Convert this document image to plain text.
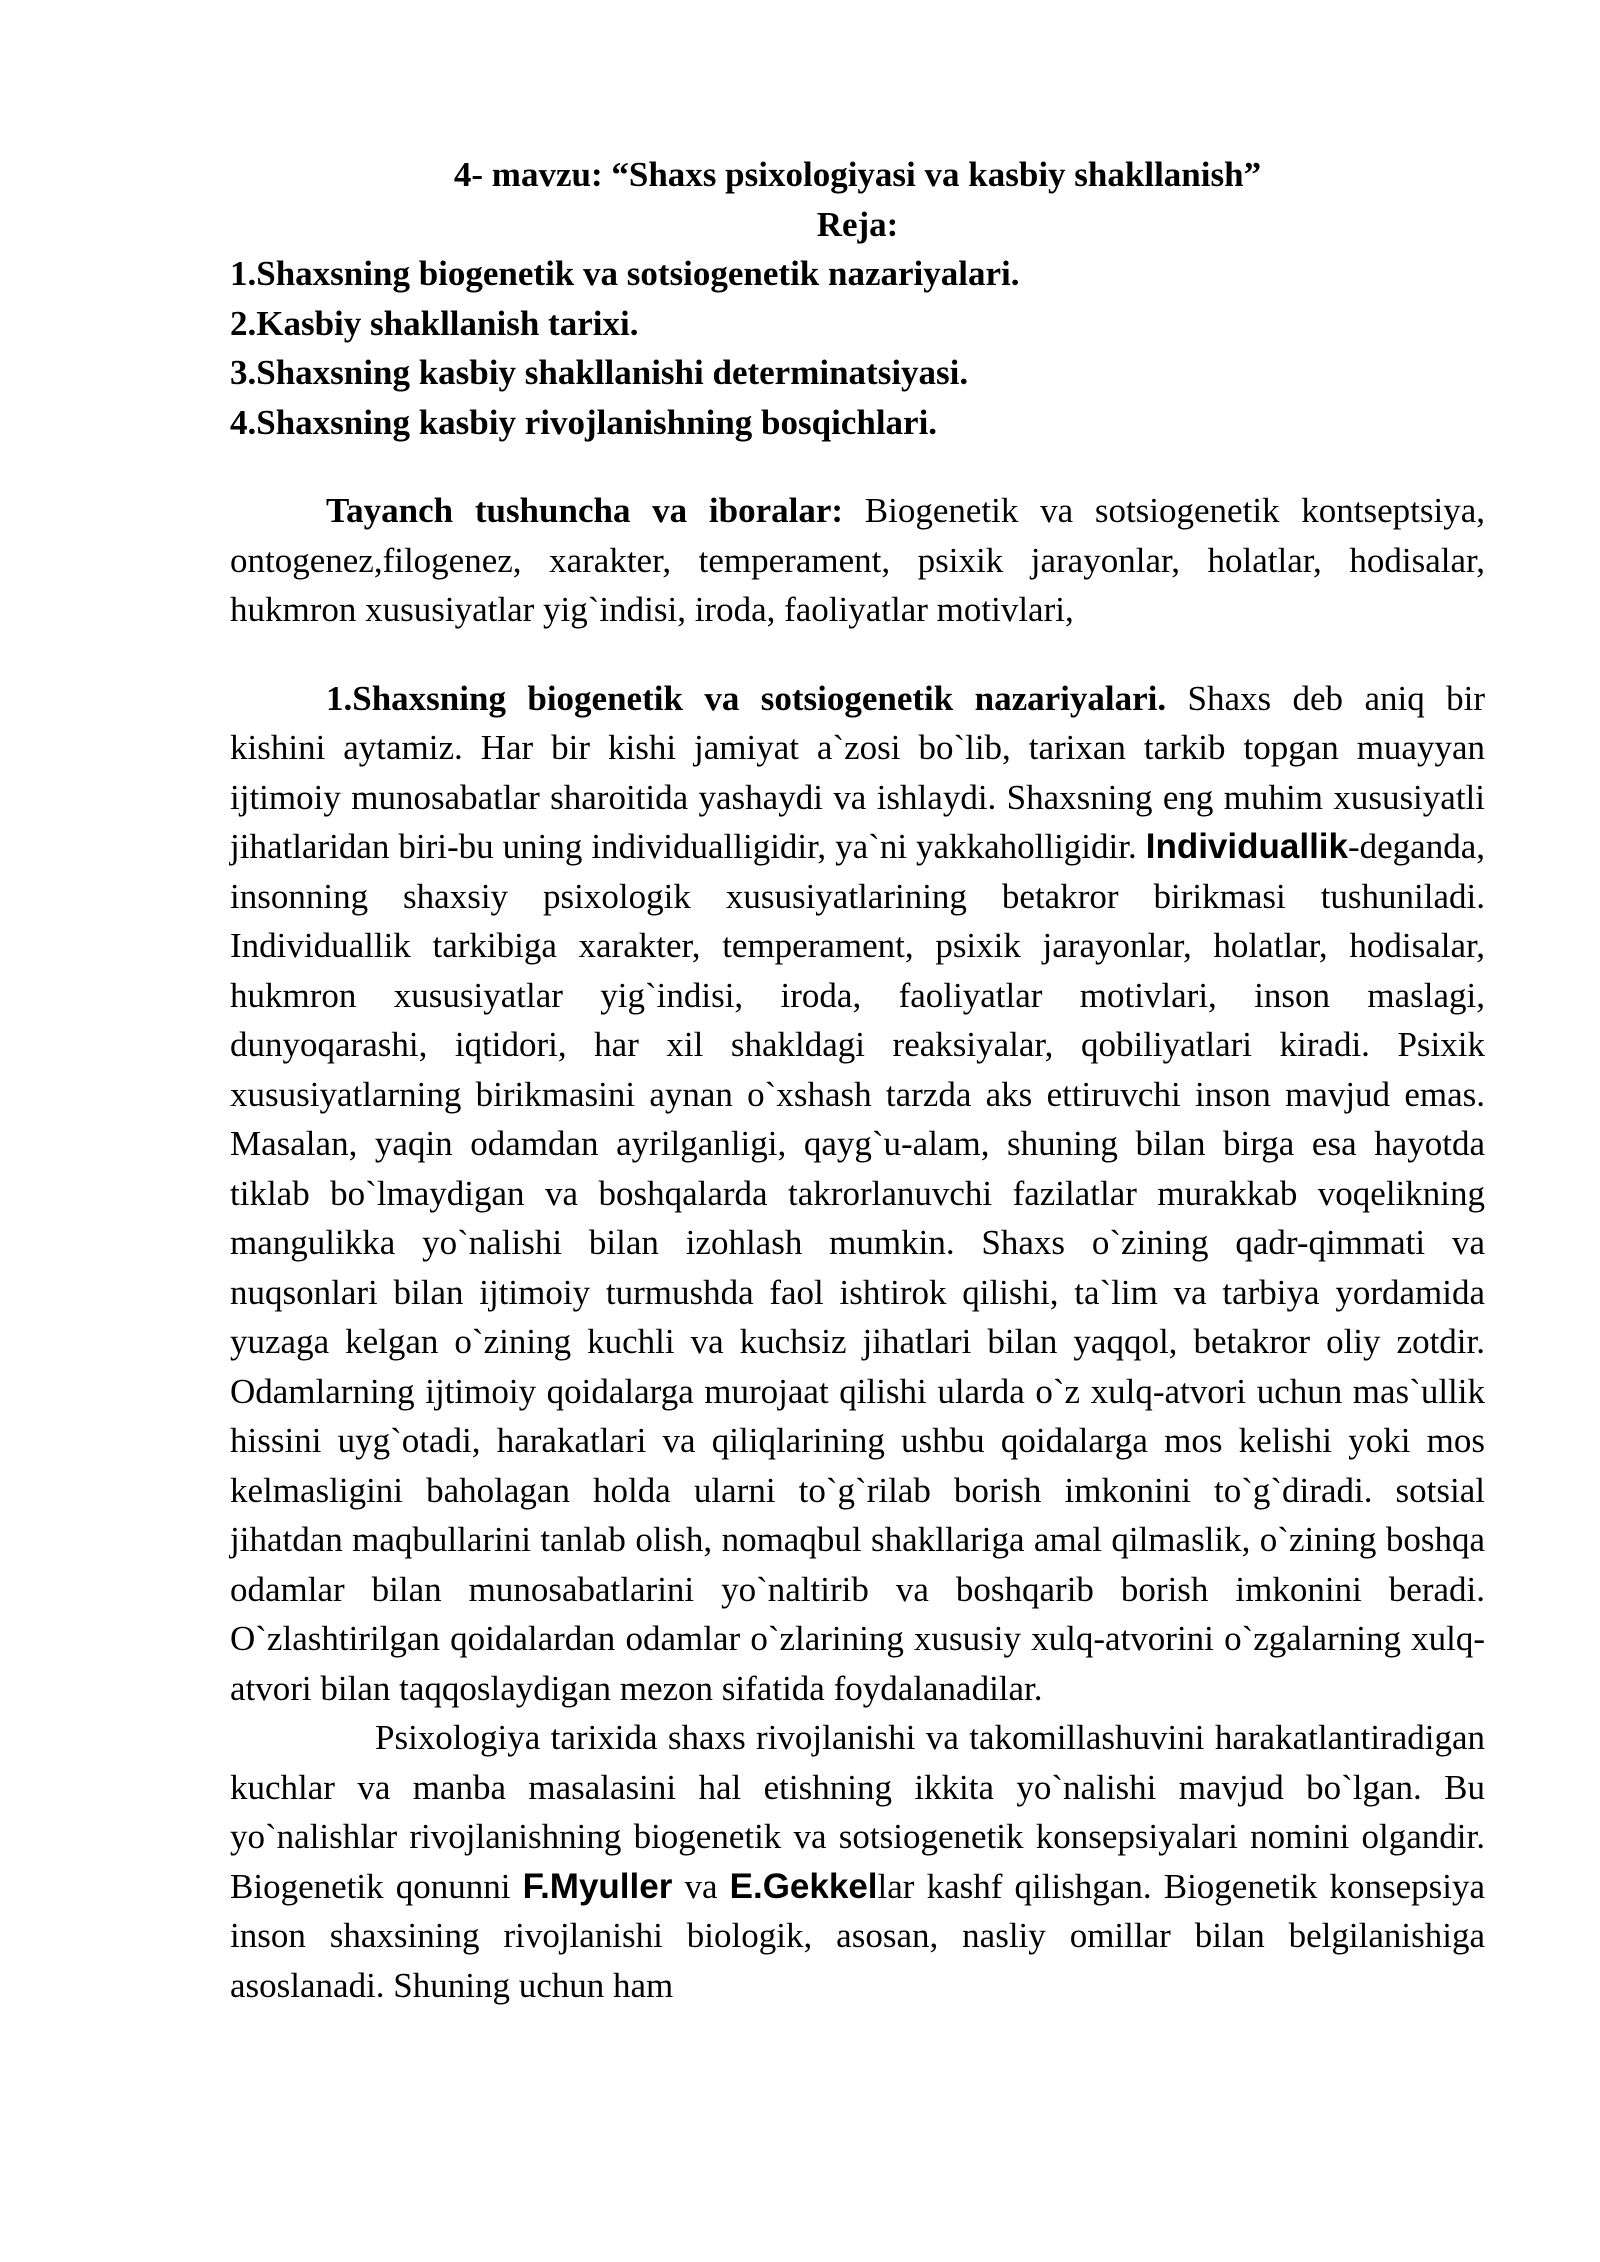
4- mavzu: “Shaxs psixologiyasi va kasbiy shakllanish”

Reja:

1.Shaxsning biogenetik va sotsiogenetik nazariyalari.
2.Kasbiy shakllanish tarixi.
3.Shaxsning kasbiy shakllanishi determinatsiyasi.
4.Shaxsning kasbiy rivojlanishning bosqichlari.

Tayanch tushuncha va iboralar: Biogenetik va sotsiogenetik kontseptsiya, ontogenez,filogenez, xarakter, temperament, psixik jarayonlar, holatlar, hodisalar, hukmron xususiyatlar yig`indisi, iroda, faoliyatlar motivlari,

1.Shaxsning biogenetik va sotsiogenetik nazariyalari. Shaxs deb aniq bir kishini aytamiz. Har bir kishi jamiyat a`zosi bo`lib, tarixan tarkib topgan muayyan ijtimoiy munosabatlar sharoitida yashaydi va ishlaydi. Shaxsning eng muhim xususiyatli jihatlaridan biri-bu uning individualligidir, ya`ni yakkaholligidir. Individuallik-deganda, insonning shaxsiy psixologik xususiyatlarining betakror birikmasi tushuniladi. Individuallik tarkibiga xarakter, temperament, psixik jarayonlar, holatlar, hodisalar, hukmron xususiyatlar yig`indisi, iroda, faoliyatlar motivlari, inson maslagi, dunyoqarashi, iqtidori, har xil shakldagi reaksiyalar, qobiliyatlari kiradi. Psixik xususiyatlarning birikmasini aynan o`xshash tarzda aks ettiruvchi inson mavjud emas. Masalan, yaqin odamdan ayrilganligi, qayg`u-alam, shuning bilan birga esa hayotda tiklab bo`lmaydigan va boshqalarda takrorlanuvchi fazilatlar murakkab voqelikning mangulikka yo`nalishi bilan izohlash mumkin. Shaxs o`zining qadr-qimmati va nuqsonlari bilan ijtimoiy turmushda faol ishtirok qilishi, ta`lim va tarbiya yordamida yuzaga kelgan o`zining kuchli va kuchsiz jihatlari bilan yaqqol, betakror oliy zotdir. Odamlarning ijtimoiy qoidalarga murojaat qilishi ularda o`z xulq-atvori uchun mas`ullik hissini uyg`otadi, harakatlari va qiliqlarining ushbu qoidalarga mos kelishi yoki mos kelmasligini baholagan holda ularni to`g`rilab borish imkonini to`g`diradi. sotsial jihatdan maqbullarini tanlab olish, nomaqbul shakllariga amal qilmaslik, o`zining boshqa odamlar bilan munosabatlarini yo`naltirib va boshqarib borish imkonini beradi. O`zlashtirilgan qoidalardan odamlar o`zlarining xususiy xulq-atvorini o`zgalarning xulq-atvori bilan taqqoslaydigan mezon sifatida foydalanadilar.

Psixologiya tarixida shaxs rivojlanishi va takomillashuvini harakatlantiradigan kuchlar va manba masalasini hal etishning ikkita yo`nalishi mavjud bo`lgan. Bu yo`nalishlar rivojlanishning biogenetik va sotsiogenetik konsepsiyalari nomini olgandir. Biogenetik qonunni F.Myuller va E.Gekkellar kashf qilishgan. Biogenetik konsepsiya inson shaxsining rivojlanishi biologik, asosan, nasliy omillar bilan belgilanishiga asoslanadi. Shuning uchun ham
